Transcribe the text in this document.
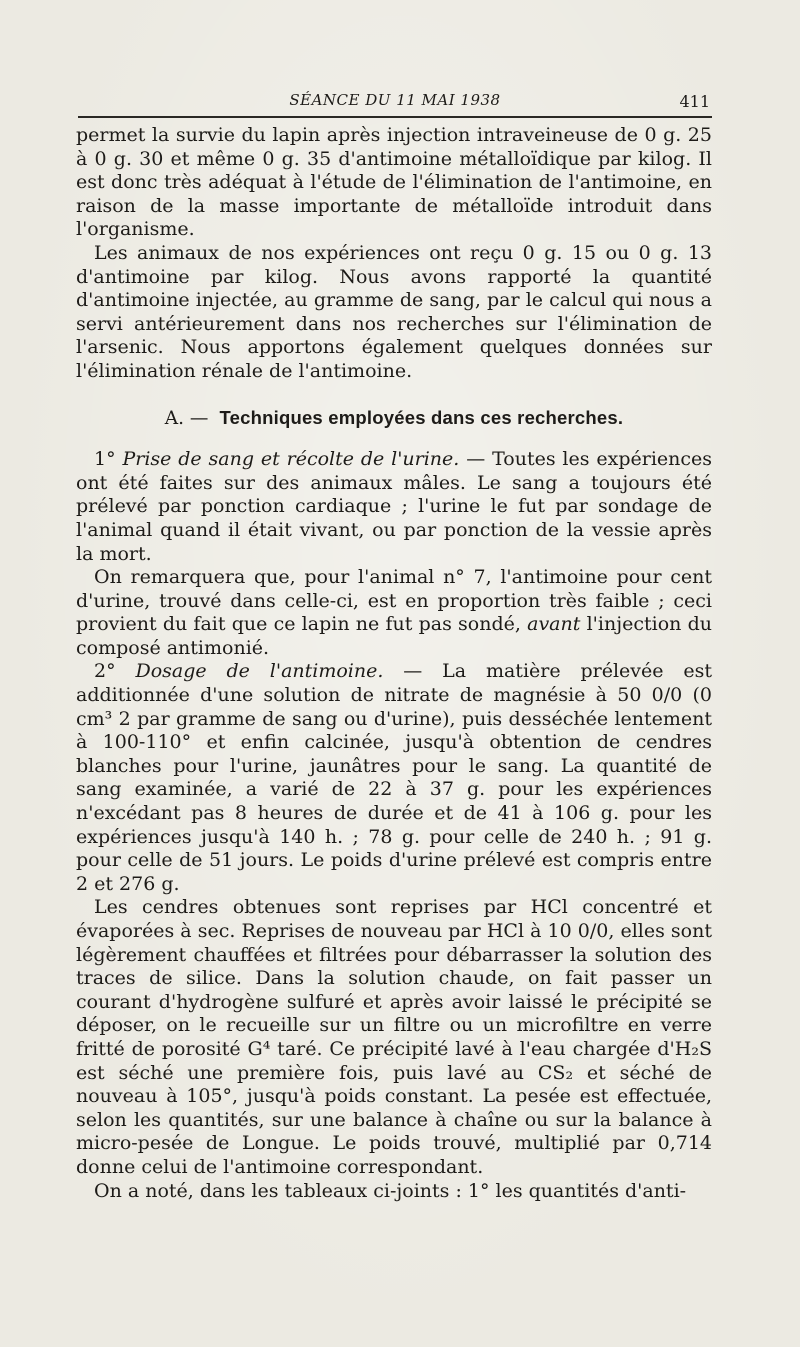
SÉANCE DU 11 MAI 1938	411

permet la survie du lapin après injection intraveineuse de 0 g. 25 à 0 g. 30 et même 0 g. 35 d'antimoine métalloïdique par kilog. Il est donc très adéquat à l'étude de l'élimination de l'antimoine, en raison de la masse importante de métalloïde introduit dans l'organisme.

Les animaux de nos expériences ont reçu 0 g. 15 ou 0 g. 13 d'antimoine par kilog. Nous avons rapporté la quantité d'antimoine injectée, au gramme de sang, par le calcul qui nous a servi antérieurement dans nos recherches sur l'élimination de l'arsenic. Nous apportons également quelques données sur l'élimination rénale de l'antimoine.

A. — Techniques employées dans ces recherches.

1° Prise de sang et récolte de l'urine. — Toutes les expériences ont été faites sur des animaux mâles. Le sang a toujours été prélevé par ponction cardiaque ; l'urine le fut par sondage de l'animal quand il était vivant, ou par ponction de la vessie après la mort.

On remarquera que, pour l'animal n° 7, l'antimoine pour cent d'urine, trouvé dans celle-ci, est en proportion très faible ; ceci provient du fait que ce lapin ne fut pas sondé, avant l'injection du composé antimonié.

2° Dosage de l'antimoine. — La matière prélevée est additionnée d'une solution de nitrate de magnésie à 50 0/0 (0 cm³ 2 par gramme de sang ou d'urine), puis desséchée lentement à 100-110° et enfin calcinée, jusqu'à obtention de cendres blanches pour l'urine, jaunâtres pour le sang. La quantité de sang examinée, a varié de 22 à 37 g. pour les expériences n'excédant pas 8 heures de durée et de 41 à 106 g. pour les expériences jusqu'à 140 h. ; 78 g. pour celle de 240 h. ; 91 g. pour celle de 51 jours. Le poids d'urine prélevé est compris entre 2 et 276 g.

Les cendres obtenues sont reprises par HCl concentré et évaporées à sec. Reprises de nouveau par HCl à 10 0/0, elles sont légèrement chauffées et filtrées pour débarrasser la solution des traces de silice. Dans la solution chaude, on fait passer un courant d'hydrogène sulfuré et après avoir laissé le précipité se déposer, on le recueille sur un filtre ou un microfiltre en verre fritté de porosité G⁴ taré. Ce précipité lavé à l'eau chargée d'H₂S est séché une première fois, puis lavé au CS₂ et séché de nouveau à 105°, jusqu'à poids constant. La pesée est effectuée, selon les quantités, sur une balance à chaîne ou sur la balance à micro-pesée de Longue. Le poids trouvé, multiplié par 0,714 donne celui de l'antimoine correspondant.

On a noté, dans les tableaux ci-joints : 1° les quantités d'anti-
